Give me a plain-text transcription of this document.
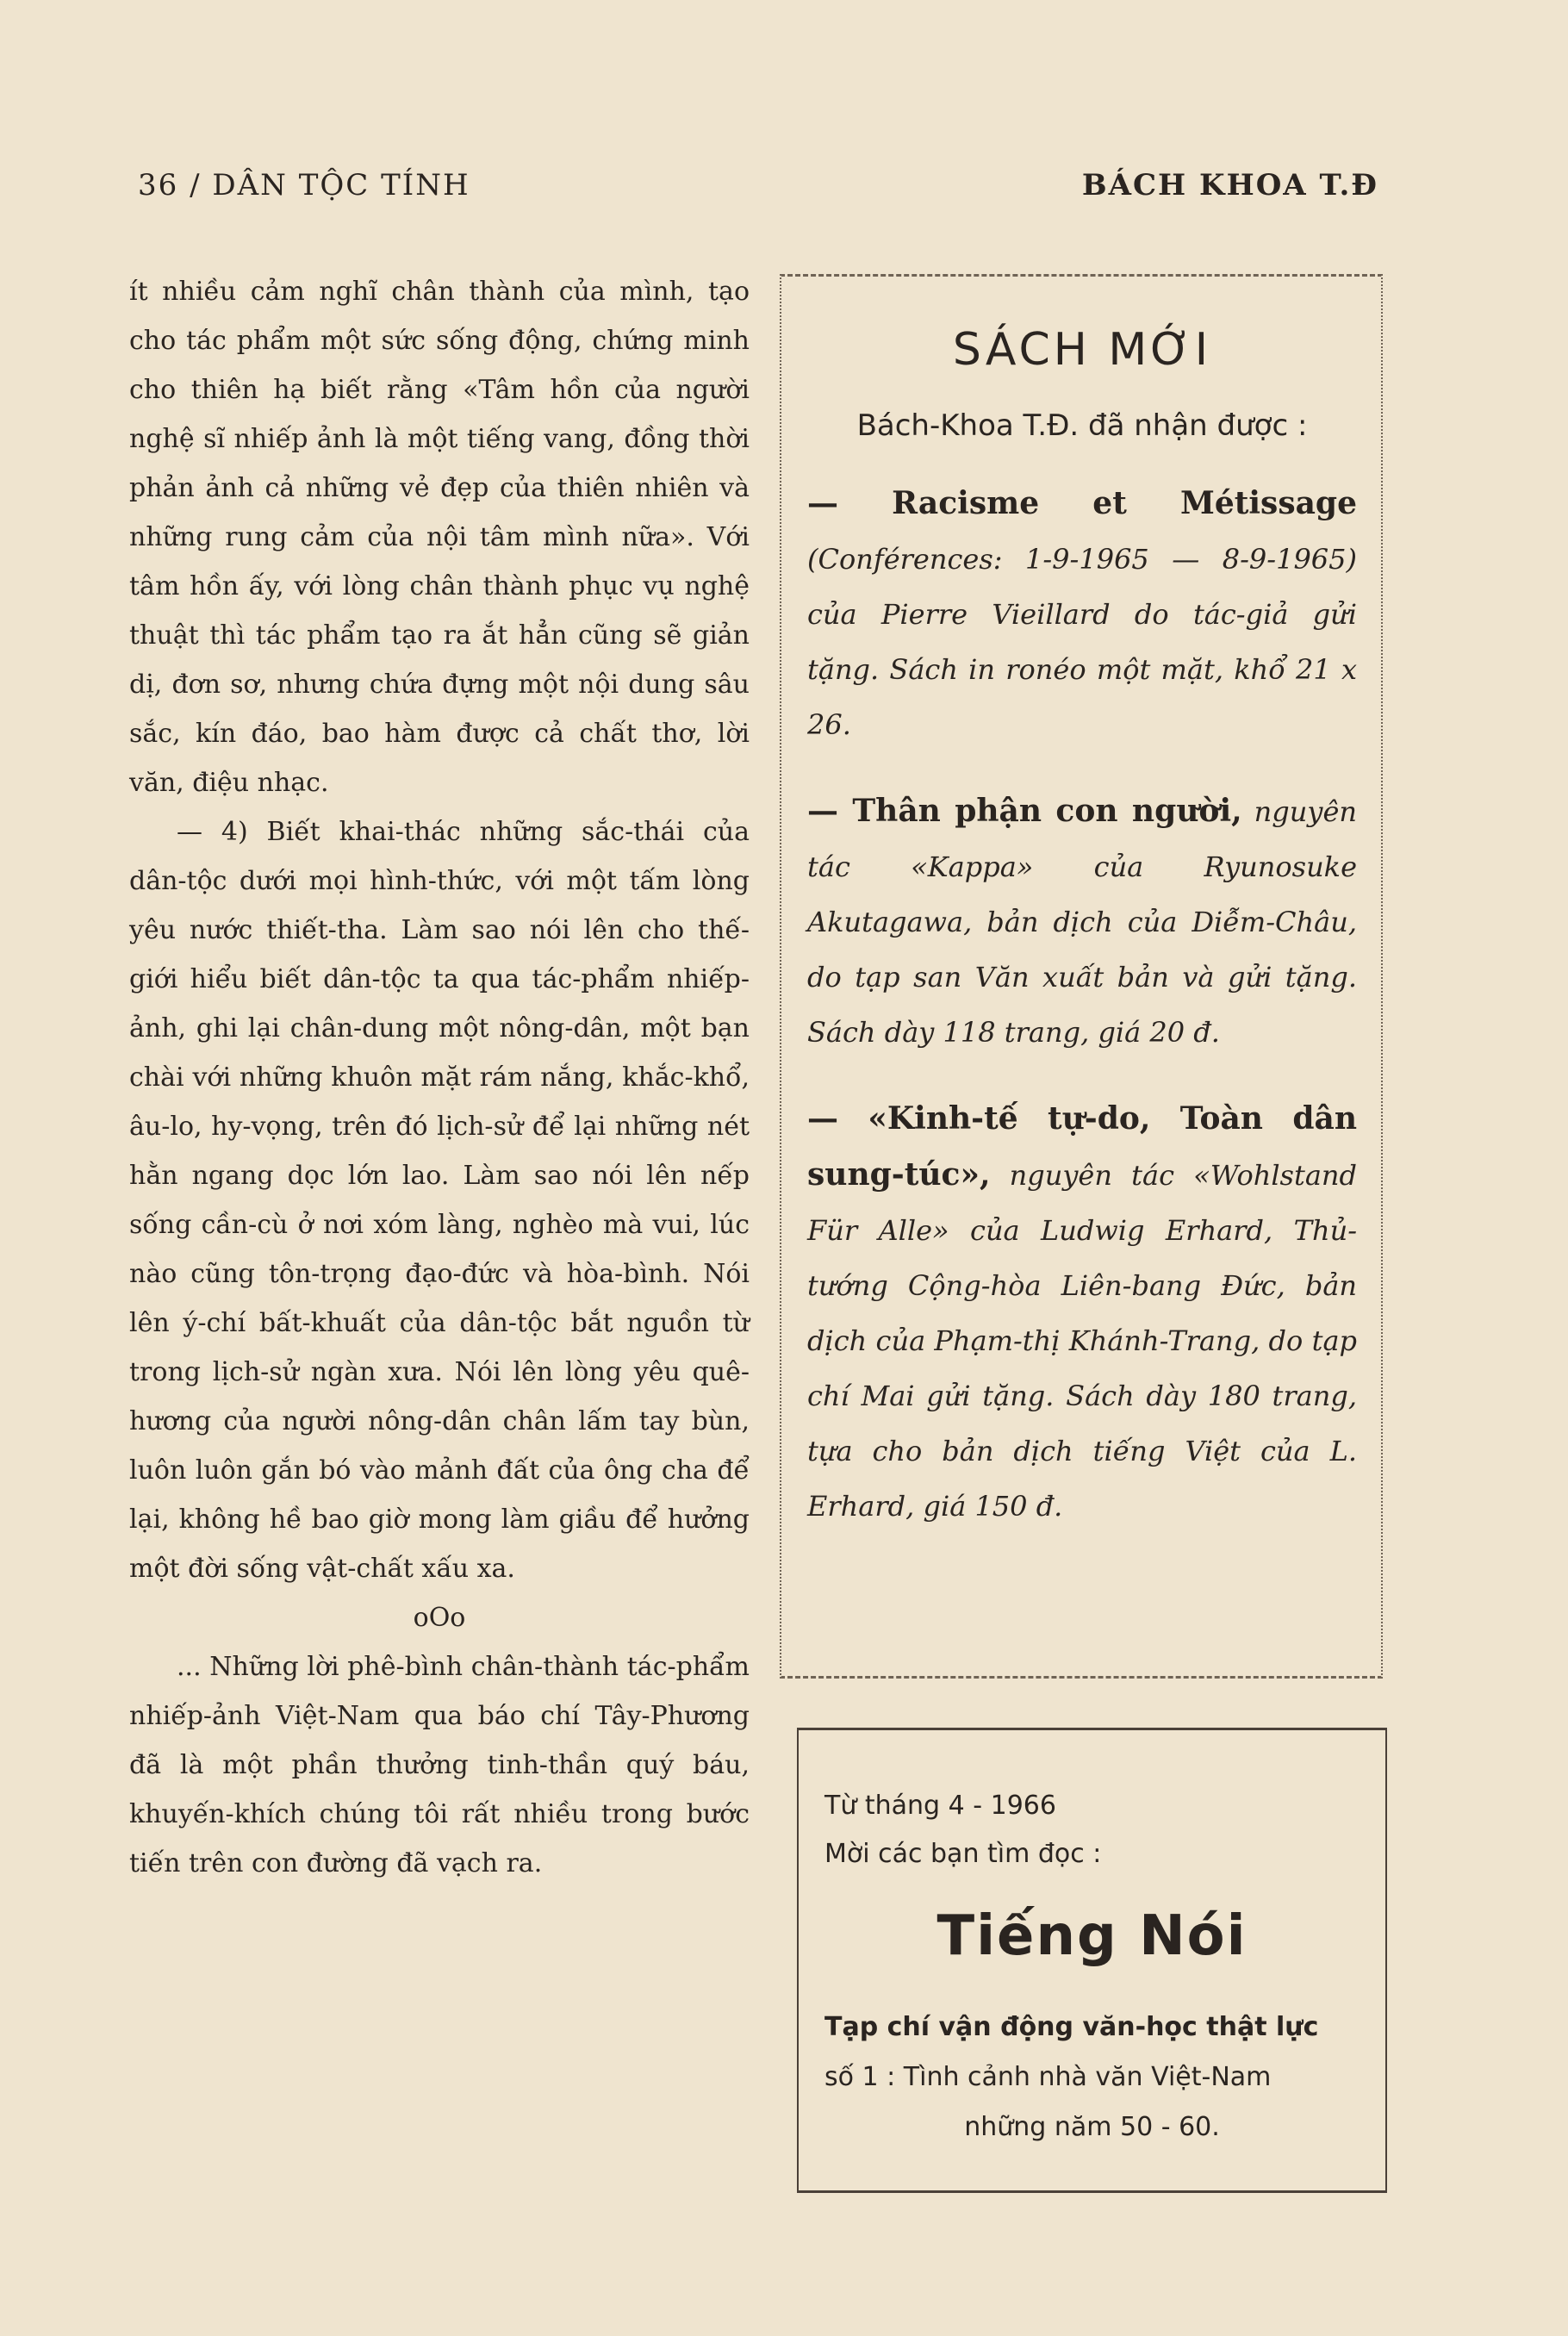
36 / DÂN TỘC TÍNH	BÁCH KHOA T.Đ

ít nhiều cảm nghĩ chân thành của mình, tạo cho tác phẩm một sức sống động, chứng minh cho thiên hạ biết rằng «Tâm hồn của người nghệ sĩ nhiếp ảnh là một tiếng vang, đồng thời phản ảnh cả những vẻ đẹp của thiên nhiên và những rung cảm của nội tâm mình nữa». Với tâm hồn ấy, với lòng chân thành phục vụ nghệ thuật thì tác phẩm tạo ra ắt hẳn cũng sẽ giản dị, đơn sơ, nhưng chứa đựng một nội dung sâu sắc, kín đáo, bao hàm được cả chất thơ, lời văn, điệu nhạc.

— 4) Biết khai-thác những sắc-thái của dân-tộc dưới mọi hình-thức, với một tấm lòng yêu nước thiết-tha. Làm sao nói lên cho thế-giới hiểu biết dân-tộc ta qua tác-phẩm nhiếp-ảnh, ghi lại chân-dung một nông-dân, một bạn chài với những khuôn mặt rám nắng, khắc-khổ, âu-lo, hy-vọng, trên đó lịch-sử để lại những nét hằn ngang dọc lớn lao. Làm sao nói lên nếp sống cần-cù ở nơi xóm làng, nghèo mà vui, lúc nào cũng tôn-trọng đạo-đức và hòa-bình. Nói lên ý-chí bất-khuất của dân-tộc bắt nguồn từ trong lịch-sử ngàn xưa. Nói lên lòng yêu quê-hương của người nông-dân chân lấm tay bùn, luôn luôn gắn bó vào mảnh đất của ông cha để lại, không hề bao giờ mong làm giầu để hưởng một đời sống vật-chất xấu xa.

oOo

... Những lời phê-bình chân-thành tác-phẩm nhiếp-ảnh Việt-Nam qua báo chí Tây-Phương đã là một phần thưởng tinh-thần quý báu, khuyến-khích chúng tôi rất nhiều trong bước tiến trên con đường đã vạch ra.

SÁCH MỚI
Bách-Khoa T.Đ. đã nhận được :
— Racisme et Métissage (Conférences: 1-9-1965 — 8-9-1965) của Pierre Vieillard do tác-giả gửi tặng. Sách in ronéo một mặt, khổ 21 x 26.
— Thân phận con người, nguyên tác «Kappa» của Ryunosuke Akutagawa, bản dịch của Diễm-Châu, do tạp san Văn xuất bản và gửi tặng. Sách dày 118 trang, giá 20 đ.
— «Kinh-tế tự-do, Toàn dân sung-túc», nguyên tác «Wohlstand Für Alle» của Ludwig Erhard, Thủ-tướng Cộng-hòa Liên-bang Đức, bản dịch của Phạm-thị Khánh-Trang, do tạp chí Mai gửi tặng. Sách dày 180 trang, tựa cho bản dịch tiếng Việt của L. Erhard, giá 150 đ.

Từ tháng 4 - 1966

Mời các bạn tìm đọc :

Tiếng Nói

Tạp chí vận động văn-học thật lực

số 1 : Tình cảnh nhà văn Việt-Nam

những năm 50 - 60.
